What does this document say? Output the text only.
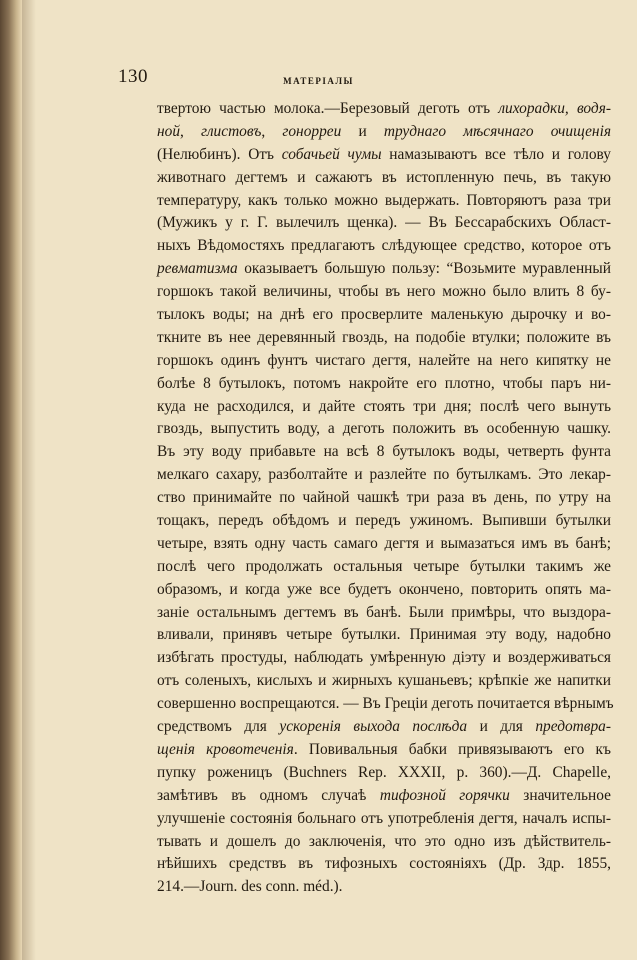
130	МАТЕРІАЛЫ
твертою частью молока.—Березовый деготь отъ лихорадки, водя-
ной, глистовъ, гонорреи и труднаго мѣсячнаго очищенія
(Нелюбинъ). Отъ собачьей чумы намазываютъ все тѣло и голову
животнаго дегтемъ и сажаютъ въ истопленную печь, въ такую
температуру, какъ только можно выдержать. Повторяютъ раза три
(Мужикъ у г. Г. вылечилъ щенка). — Въ Бессарабскихъ Област-
ныхъ Вѣдомостяхъ предлагаютъ слѣдующее средство, которое отъ
ревматизма оказываетъ большую пользу: “Возьмите муравленный
горшокъ такой величины, чтобы въ него можно было влить 8 бу-
тылокъ воды; на днѣ его просверлите маленькую дырочку и во-
ткните въ нее деревянный гвоздь, на подобіе втулки; положите въ
горшокъ одинъ фунтъ чистаго дегтя, налейте на него кипятку не
болѣе 8 бутылокъ, потомъ накройте его плотно, чтобы паръ ни-
куда не расходился, и дайте стоять три дня; послѣ чего вынуть
гвоздь, выпустить воду, а деготь положить въ особенную чашку.
Въ эту воду прибавьте на всѣ 8 бутылокъ воды, четверть фунта
мелкаго сахару, разболтайте и разлейте по бутылкамъ. Это лекар-
ство принимайте по чайной чашкѣ три раза въ день, по утру на
тощакъ, передъ обѣдомъ и передъ ужиномъ. Выпивши бутылки
четыре, взять одну часть самаго дегтя и вымазаться имъ въ банѣ;
послѣ чего продолжать остальныя четыре бутылки такимъ же
образомъ, и когда уже все будетъ окончено, повторить опять ма-
заніе остальнымъ дегтемъ въ банѣ. Были примѣры, что выздора-
вливали, принявъ четыре бутылки. Принимая эту воду, надобно
избѣгать простуды, наблюдать умѣренную діэту и воздерживаться
отъ соленыхъ, кислыхъ и жирныхъ кушаньевъ; крѣпкіе же напитки
совершенно воспрещаются. — Въ Греціи деготь почитается вѣрнымъ
средствомъ для ускоренія выхода послѣда и для предотвра-
щенія кровотеченія. Повивальныя бабки привязываютъ его къ
пупку роженицъ (Buchners Rep. XXXII, p. 360).—Д. Chapelle,
замѣтивъ въ одномъ случаѣ тифозной горячки значительное
улучшеніе состоянія больнаго отъ употребленія дегтя, началъ испы-
тывать и дошелъ до заключенія, что это одно изъ дѣйствитель-
нѣйшихъ средствъ въ тифозныхъ состояніяхъ (Др. Здр. 1855,
214.—Journ. des conn. méd.).
